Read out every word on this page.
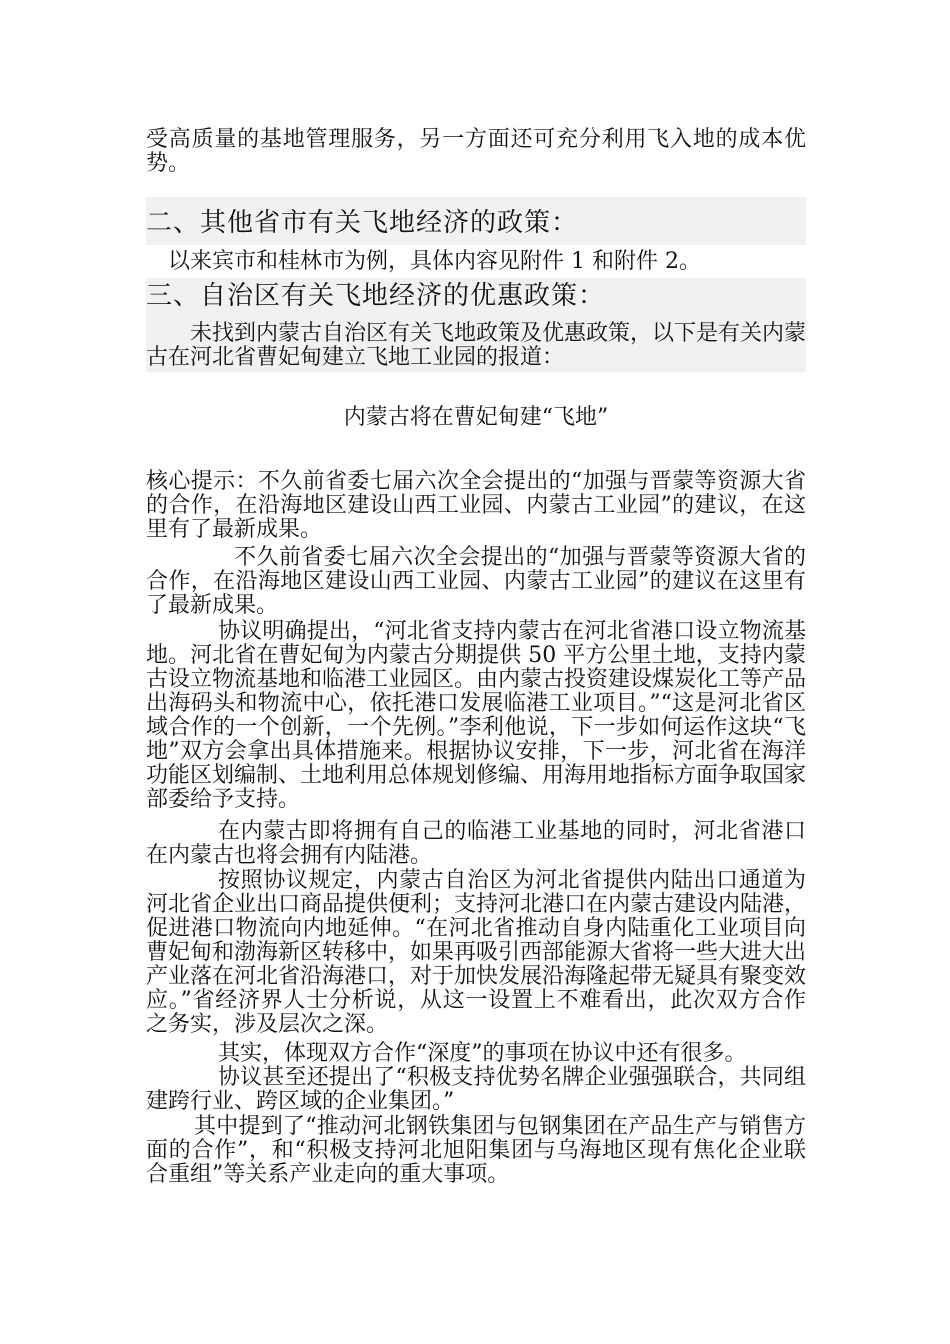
受高质量的基地管理服务，另一方面还可充分利用飞入地的成本优势。

二、其他省市有关飞地经济的政策：

以来宾市和桂林市为例，具体内容见附件 1 和附件 2。

三、自治区有关飞地经济的优惠政策：

未找到内蒙古自治区有关飞地政策及优惠政策，以下是有关内蒙古在河北省曹妃甸建立飞地工业园的报道：

内蒙古将在曹妃甸建“飞地”

核心提示：不久前省委七届六次全会提出的“加强与晋蒙等资源大省的合作，在沿海地区建设山西工业园、内蒙古工业园”的建议，在这里有了最新成果。

不久前省委七届六次全会提出的“加强与晋蒙等资源大省的合作，在沿海地区建设山西工业园、内蒙古工业园”的建议在这里有了最新成果。

协议明确提出，“河北省支持内蒙古在河北省港口设立物流基地。河北省在曹妃甸为内蒙古分期提供 50 平方公里土地，支持内蒙古设立物流基地和临港工业园区。由内蒙古投资建设煤炭化工等产品出海码头和物流中心，依托港口发展临港工业项目。”“这是河北省区域合作的一个创新，一个先例。”李利他说，下一步如何运作这块“飞地”双方会拿出具体措施来。根据协议安排，下一步，河北省在海洋功能区划编制、土地利用总体规划修编、用海用地指标方面争取国家部委给予支持。

在内蒙古即将拥有自己的临港工业基地的同时，河北省港口在内蒙古也将会拥有内陆港。

按照协议规定，内蒙古自治区为河北省提供内陆出口通道为河北省企业出口商品提供便利；支持河北港口在内蒙古建设内陆港，促进港口物流向内地延伸。“在河北省推动自身内陆重化工业项目向曹妃甸和渤海新区转移中，如果再吸引西部能源大省将一些大进大出产业落在河北省沿海港口，对于加快发展沿海隆起带无疑具有聚变效应。”省经济界人士分析说，从这一设置上不难看出，此次双方合作之务实，涉及层次之深。

其实，体现双方合作“深度”的事项在协议中还有很多。

协议甚至还提出了“积极支持优势名牌企业强强联合，共同组建跨行业、跨区域的企业集团。”

其中提到了“推动河北钢铁集团与包钢集团在产品生产与销售方面的合作”，和“积极支持河北旭阳集团与乌海地区现有焦化企业联合重组”等关系产业走向的重大事项。
